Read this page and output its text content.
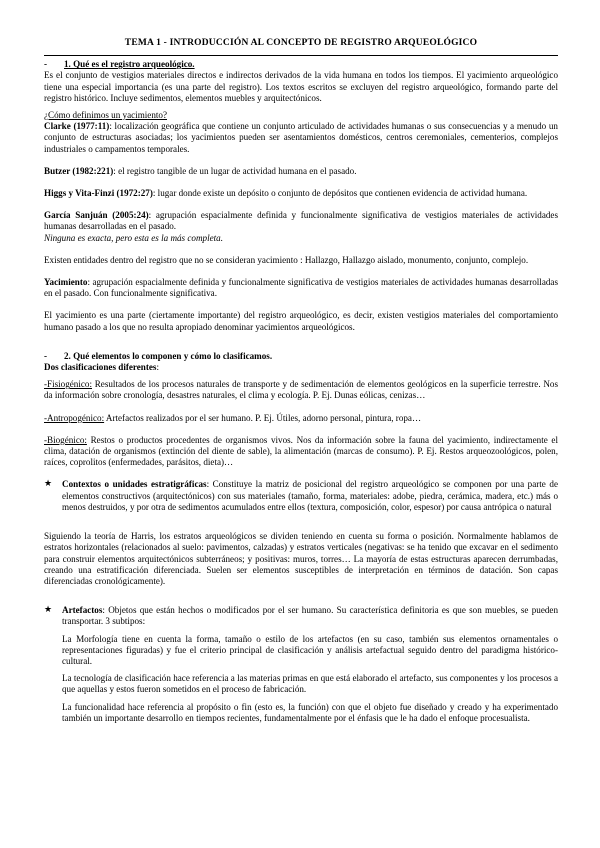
TEMA 1 - INTRODUCCIÓN AL CONCEPTO DE REGISTRO ARQUEOLÓGICO
- 1. Qué es el registro arqueológico.

Es el conjunto de vestigios materiales directos e indirectos derivados de la vida humana en todos los tiempos. El yacimiento arqueológico tiene una especial importancia (es una parte del registro). Los textos escritos se excluyen del registro arqueológico, formando parte del registro histórico. Incluye sedimentos, elementos muebles y arquitectónicos.

¿Cómo definimos un yacimiento?

Clarke (1977:11): localización geográfica que contiene un conjunto articulado de actividades humanas o sus consecuencias y a menudo un conjunto de estructuras asociadas; los yacimientos pueden ser asentamientos domésticos, centros ceremoniales, cementerios, complejos industriales o campamentos temporales.

Butzer (1982:221): el registro tangible de un lugar de actividad humana en el pasado.

Higgs y Vita-Finzi (1972:27): lugar donde existe un depósito o conjunto de depósitos que contienen evidencia de actividad humana.

García Sanjuán (2005:24): agrupación espacialmente definida y funcionalmente significativa de vestigios materiales de actividades humanas desarrolladas en el pasado.

Ninguna es exacta, pero esta es la más completa.

Existen entidades dentro del registro que no se consideran yacimiento : Hallazgo, Hallazgo aislado, monumento, conjunto, complejo.

Yacimiento: agrupación espacialmente definida y funcionalmente significativa de vestigios materiales de actividades humanas desarrolladas en el pasado. Con funcionalmente significativa.

El yacimiento es una parte (ciertamente importante) del registro arqueológico, es decir, existen vestigios materiales del comportamiento humano pasado a los que no resulta apropiado denominar yacimientos arqueológicos.

- 2. Qué elementos lo componen y cómo lo clasificamos.

Dos clasificaciones diferentes:

-Fisiogénico: Resultados de los procesos naturales de transporte y de sedimentación de elementos geológicos en la superficie terrestre. Nos da información sobre cronología, desastres naturales, el clima y ecología. P. Ej. Dunas eólicas, cenizas…

-Antropogénico: Artefactos realizados por el ser humano. P. Ej. Útiles, adorno personal, pintura, ropa…

-Biogénico: Restos o productos procedentes de organismos vivos. Nos da información sobre la fauna del yacimiento, indirectamente el clima, datación de organismos (extinción del diente de sable), la alimentación (marcas de consumo). P. Ej. Restos arqueozoológicos, polen, raíces, coprolitos (enfermedades, parásitos, dieta)…

★ Contextos o unidades estratigráficas: Constituye la matriz de posicional del registro arqueológico se componen por una parte de elementos constructivos (arquitectónicos) con sus materiales (tamaño, forma, materiales: adobe, piedra, cerámica, madera, etc.) más o menos destruidos, y por otra de sedimentos acumulados entre ellos (textura, composición, color, espesor) por causa antrópica o natural

Siguiendo la teoría de Harris, los estratos arqueológicos se dividen teniendo en cuenta su forma o posición. Normalmente hablamos de estratos horizontales (relacionados al suelo: pavimentos, calzadas) y estratos verticales (negativas: se ha tenido que excavar en el sedimento para construir elementos arquitectónicos subterráneos; y positivas: muros, torres… La mayoría de estas estructuras aparecen derrumbadas, creando una estratificación diferenciada. Suelen ser elementos susceptibles de interpretación en términos de datación. Son capas diferenciadas cronológicamente).

★ Artefactos: Objetos que están hechos o modificados por el ser humano. Su característica definitoria es que son muebles, se pueden transportar. 3 subtipos:

La Morfología tiene en cuenta la forma, tamaño o estilo de los artefactos (en su caso, también sus elementos ornamentales o representaciones figuradas) y fue el criterio principal de clasificación y análisis artefactual seguido dentro del paradigma histórico-cultural.

La tecnología de clasificación hace referencia a las materias primas en que está elaborado el artefacto, sus componentes y los procesos a que aquellas y estos fueron sometidos en el proceso de fabricación.

La funcionalidad hace referencia al propósito o fin (esto es, la función) con que el objeto fue diseñado y creado y ha experimentado también un importante desarrollo en tiempos recientes, fundamentalmente por el énfasis que le ha dado el enfoque procesualista.
